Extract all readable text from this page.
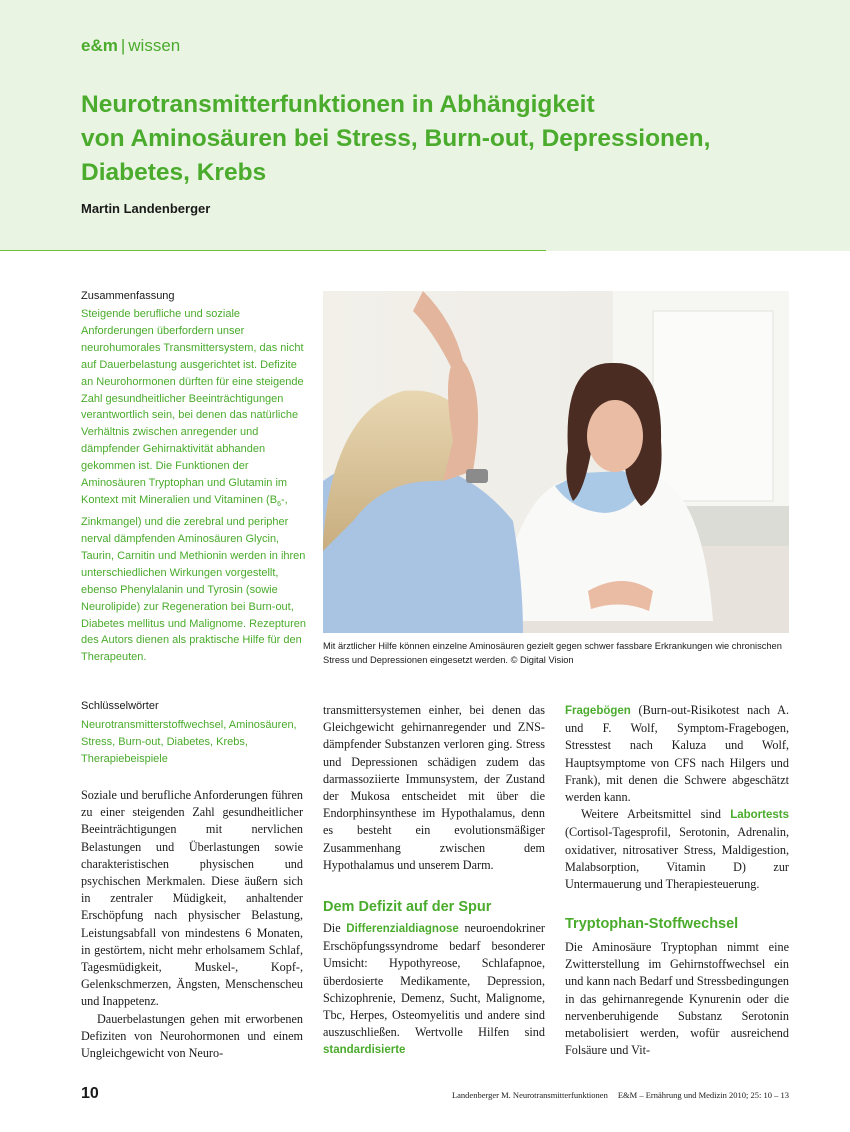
e&m | wissen
Neurotransmitterfunktionen in Abhängigkeit
von Aminosäuren bei Stress, Burn-out, Depressionen,
Diabetes, Krebs
Martin Landenberger
Zusammenfassung
Steigende berufliche und soziale Anforderungen überfordern unser neurohumorales Transmittersystem, das nicht auf Dauerbelastung ausgerichtet ist. Defizite an Neurohormonen dürften für eine steigende Zahl gesundheitlicher Beeinträchtigungen verantwortlich sein, bei denen das natürliche Verhältnis zwischen anregender und dämpfender Gehirnaktivität abhanden gekommen ist. Die Funktionen der Aminosäuren Tryptophan und Glutamin im Kontext mit Mineralien und Vitaminen ($B_6-$, Zinkmangel) und die zerebral und peripher nerval dämpfenden Aminosäuren Glycin, Taurin, Carnitin und Methionin werden in ihren unterschiedlichen Wirkungen vorgestellt, ebenso Phenylalanin und Tyrosin (sowie Neurolipide) zur Regeneration bei Burn-out, Diabetes mellitus und Malignome. Rezepturen des Autors dienen als praktische Hilfe für den Therapeuten.
Schlüsselwörter
Neurotransmitterstoffwechsel, Aminosäuren, Stress, Burn-out, Diabetes, Krebs, Therapiebeispiele
Mit ärztlicher Hilfe können einzelne Aminosäuren gezielt gegen schwer fassbare Erkrankungen wie chronischen Stress und Depressionen eingesetzt werden. © Digital Vision

Soziale und berufliche Anforderungen führen zu einer steigenden Zahl gesundheitlicher Beeinträchtigungen mit nervlichen Belastungen und Überlastungen sowie charakteristischen physischen und psychischen Merkmalen. Diese äußern sich in zentraler Müdigkeit, anhaltender Erschöpfung nach physischer Belastung, Leistungsabfall von mindestens 6 Monaten, in gestörtem, nicht mehr erholsamem Schlaf, Tagesmüdigkeit, Muskel-, Kopf-, Gelenkschmerzen, Ängsten, Menschenscheu und Inappetenz.

Dauerbelastungen gehen mit erworbenen Defiziten von Neurohormonen und einem Ungleichgewicht von Neuro-

transmittersystemen einher, bei denen das Gleichgewicht gehirnanregender und ZNS-dämpfender Substanzen verloren ging. Stress und Depressionen schädigen zudem das darmassoziierte Immunsystem, der Zustand der Mukosa entscheidet mit über die Endorphinsynthese im Hypothalamus, denn es besteht ein evolutionsmäßiger Zusammenhang zwischen dem Hypothalamus und unserem Darm.

Dem Defizit auf der Spur

Die Differenzialdiagnose neuroendokriner Erschöpfungssyndrome bedarf besonderer Umsicht: Hypothyreose, Schlafapnoe, überdosierte Medikamente, Depression, Schizophrenie, Demenz, Sucht, Malignome, Tbc, Herpes, Osteomyelitis und andere sind auszuschließen. Wertvolle Hilfen sind standardisierte

Fragebögen (Burn-out-Risikotest nach A. und F. Wolf, Symptom-Fragebogen, Stresstest nach Kaluza und Wolf, Hauptsymptome von CFS nach Hilgers und Frank), mit denen die Schwere abgeschätzt werden kann.

Weitere Arbeitsmittel sind Labortests (Cortisol-Tagesprofil, Serotonin, Adrenalin, oxidativer, nitrosativer Stress, Maldigestion, Malabsorption, Vitamin D) zur Untermauerung und Therapiesteuerung.

Tryptophan-Stoffwechsel

Die Aminosäure Tryptophan nimmt eine Zwitterstellung im Gehirnstoffwechsel ein und kann nach Bedarf und Stressbedingungen in das gehirnanregende Kynurenin oder die nervenberuhigende Substanz Serotonin metabolisiert werden, wofür ausreichend Folsäure und Vit-

10	Landenberger M. Neurotransmitterfunktionen E&M – Ernährung und Medizin 2010; 25: 10 – 13
